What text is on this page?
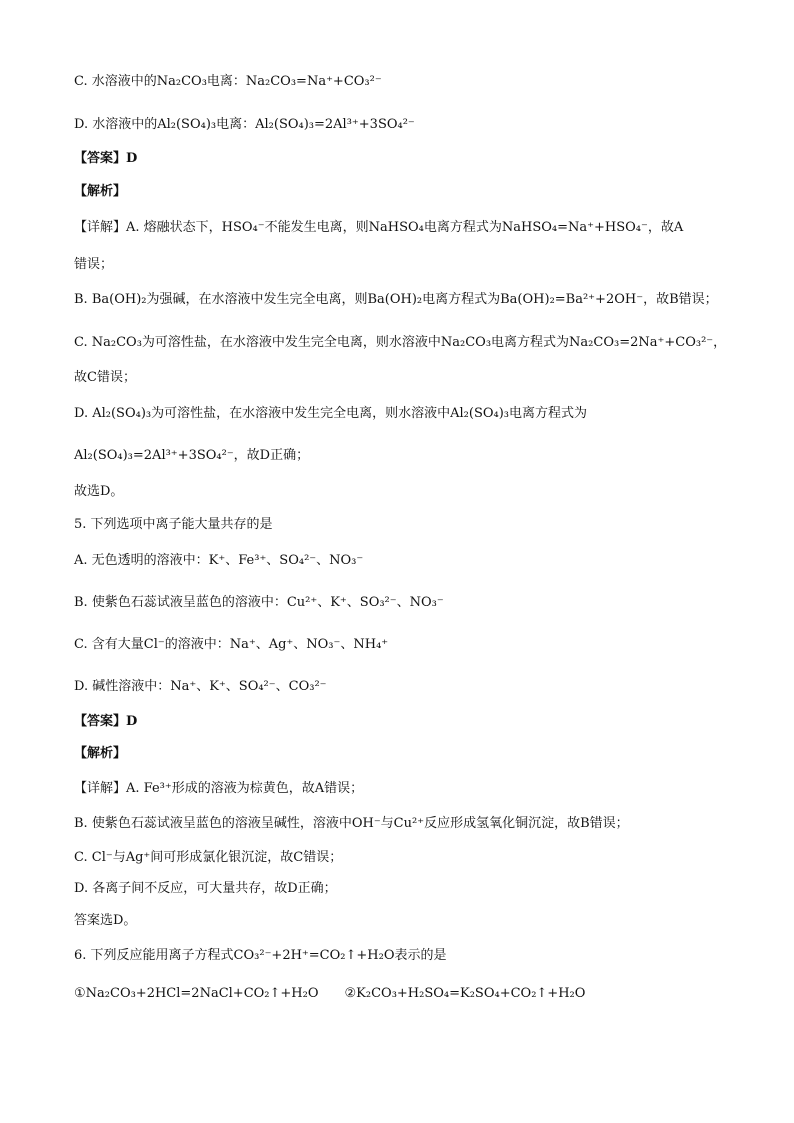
C. 水溶液中的Na₂CO₃电离：Na₂CO₃=Na⁺+CO₃²⁻
D. 水溶液中的Al₂(SO₄)₃电离：Al₂(SO₄)₃=2Al³⁺+3SO₄²⁻
【答案】D
【解析】
【详解】A. 熔融状态下，HSO₄⁻不能发生电离，则NaHSO₄电离方程式为NaHSO₄=Na⁺+HSO₄⁻，故A
错误；
B. Ba(OH)₂为强碱，在水溶液中发生完全电离，则Ba(OH)₂电离方程式为Ba(OH)₂=Ba²⁺+2OH⁻，故B错误；
C. Na₂CO₃为可溶性盐，在水溶液中发生完全电离，则水溶液中Na₂CO₃电离方程式为Na₂CO₃=2Na⁺+CO₃²⁻，
故C错误；
D. Al₂(SO₄)₃为可溶性盐，在水溶液中发生完全电离，则水溶液中Al₂(SO₄)₃电离方程式为
Al₂(SO₄)₃=2Al³⁺+3SO₄²⁻，故D正确；
故选D。
5. 下列选项中离子能大量共存的是
A. 无色透明的溶液中：K⁺、Fe³⁺、SO₄²⁻、NO₃⁻
B. 使紫色石蕊试液呈蓝色的溶液中：Cu²⁺、K⁺、SO₃²⁻、NO₃⁻
C. 含有大量Cl⁻的溶液中：Na⁺、Ag⁺、NO₃⁻、NH₄⁺
D. 碱性溶液中：Na⁺、K⁺、SO₄²⁻、CO₃²⁻
【答案】D
【解析】
【详解】A. Fe³⁺形成的溶液为棕黄色，故A错误；
B. 使紫色石蕊试液呈蓝色的溶液呈碱性，溶液中OH⁻与Cu²⁺反应形成氢氧化铜沉淀，故B错误；
C. Cl⁻与Ag⁺间可形成氯化银沉淀，故C错误；
D. 各离子间不反应，可大量共存，故D正确；
答案选D。
6. 下列反应能用离子方程式CO₃²⁻+2H⁺=CO₂↑+H₂O表示的是
①Na₂CO₃+2HCl=2NaCl+CO₂↑+H₂O　　②K₂CO₃+H₂SO₄=K₂SO₄+CO₂↑+H₂O
